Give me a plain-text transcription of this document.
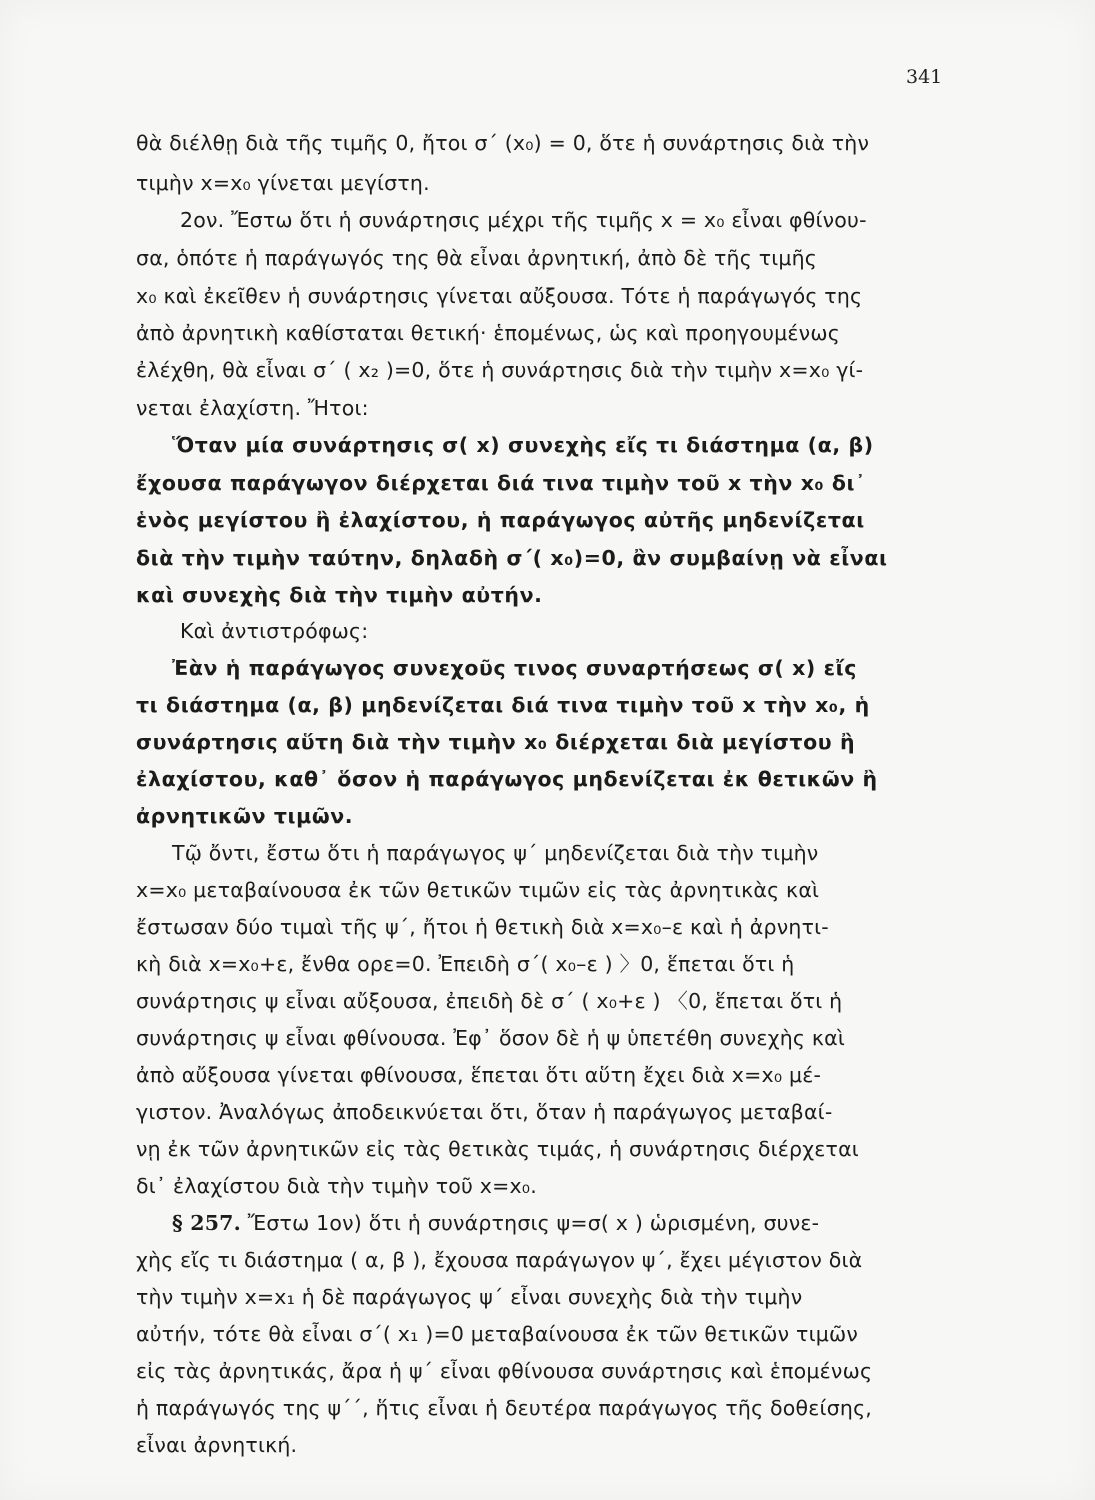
341
θὰ διέλθῃ διὰ τῆς τιμῆς 0, ἤτοι σ΄ (x₀) = 0, ὅτε ἡ συνάρτησις διὰ τὴν
τιμὴν x=x₀ γίνεται μεγίστη.
2ον. Ἔστω ὅτι ἡ συνάρτησις μέχρι τῆς τιμῆς x = x₀ εἶναι φθίνου-
σα, ὁπότε ἡ παράγωγός της θὰ εἶναι ἀρνητική, ἀπὸ δὲ τῆς τιμῆς
x₀ καὶ ἐκεῖθεν ἡ συνάρτησις γίνεται αὔξουσα. Τότε ἡ παράγωγός της
ἀπὸ ἀρνητικὴ καθίσταται θετική· ἑπομένως, ὡς καὶ προηγουμένως
ἐλέχθη, θὰ εἶναι σ΄ ( x₂ )=0, ὅτε ἡ συνάρτησις διὰ τὴν τιμὴν x=x₀ γί-
νεται ἐλαχίστη. Ἤτοι:
Ὅταν μία συνάρτησις σ( x) συνεχὴς εἴς τι διάστημα (α, β)
ἔχουσα παράγωγον διέρχεται διά τινα τιμὴν τοῦ x τὴν x₀ δι᾽
ἑνὸς μεγίστου ἢ ἐλαχίστου, ἡ παράγωγος αὐτῆς μηδενίζεται
διὰ τὴν τιμὴν ταύτην, δηλαδὴ σ΄( x₀)=0, ἂν συμβαίνῃ νὰ εἶναι
καὶ συνεχὴς διὰ τὴν τιμὴν αὐτήν.
Καὶ ἀντιστρόφως:
Ἐὰν ἡ παράγωγος συνεχοῦς τινος συναρτήσεως σ( x) εἴς
τι διάστημα (α, β) μηδενίζεται διά τινα τιμὴν τοῦ x τὴν x₀, ἡ
συνάρτησις αὕτη διὰ τὴν τιμὴν x₀ διέρχεται διὰ μεγίστου ἢ
ἐλαχίστου, καθ᾽ ὅσον ἡ παράγωγος μηδενίζεται ἐκ θετικῶν ἢ
ἀρνητικῶν τιμῶν.
Τῷ ὄντι, ἔστω ὅτι ἡ παράγωγος ψ΄ μηδενίζεται διὰ τὴν τιμὴν
x=x₀ μεταβαίνουσα ἐκ τῶν θετικῶν τιμῶν εἰς τὰς ἀρνητικὰς καὶ
ἔστωσαν δύο τιμαὶ τῆς ψ΄, ἤτοι ἡ θετικὴ διὰ x=x₀–ε καὶ ἡ ἀρνητι-
κὴ διὰ x=x₀+ε, ἔνθα ορε=0. Ἐπειδὴ σ΄( x₀–ε ) 〉0, ἕπεται ὅτι ἡ
συνάρτησις ψ εἶναι αὔξουσα, ἐπειδὴ δὲ σ΄ ( x₀+ε ) 〈0, ἕπεται ὅτι ἡ
συνάρτησις ψ εἶναι φθίνουσα. Ἐφ᾽ ὅσον δὲ ἡ ψ ὑπετέθη συνεχὴς καὶ
ἀπὸ αὔξουσα γίνεται φθίνουσα, ἕπεται ὅτι αὕτη ἔχει διὰ x=x₀ μέ-
γιστον. Ἀναλόγως ἀποδεικνύεται ὅτι, ὅταν ἡ παράγωγος μεταβαί-
νῃ ἐκ τῶν ἀρνητικῶν εἰς τὰς θετικὰς τιμάς, ἡ συνάρτησις διέρχεται
δι᾽ ἐλαχίστου διὰ τὴν τιμὴν τοῦ x=x₀.
§ 257. Ἔστω 1ον) ὅτι ἡ συνάρτησις ψ=σ( x ) ὡρισμένη, συνε-
χὴς εἴς τι διάστημα ( α, β ), ἔχουσα παράγωγον ψ΄, ἔχει μέγιστον διὰ
τὴν τιμὴν x=x₁ ἡ δὲ παράγωγος ψ΄ εἶναι συνεχὴς διὰ τὴν τιμὴν
αὐτήν, τότε θὰ εἶναι σ΄( x₁ )=0 μεταβαίνουσα ἐκ τῶν θετικῶν τιμῶν
εἰς τὰς ἀρνητικάς, ἄρα ἡ ψ΄ εἶναι φθίνουσα συνάρτησις καὶ ἑπομένως
ἡ παράγωγός της ψ΄΄, ἥτις εἶναι ἡ δευτέρα παράγωγος τῆς δοθείσης,
εἶναι ἀρνητική.
